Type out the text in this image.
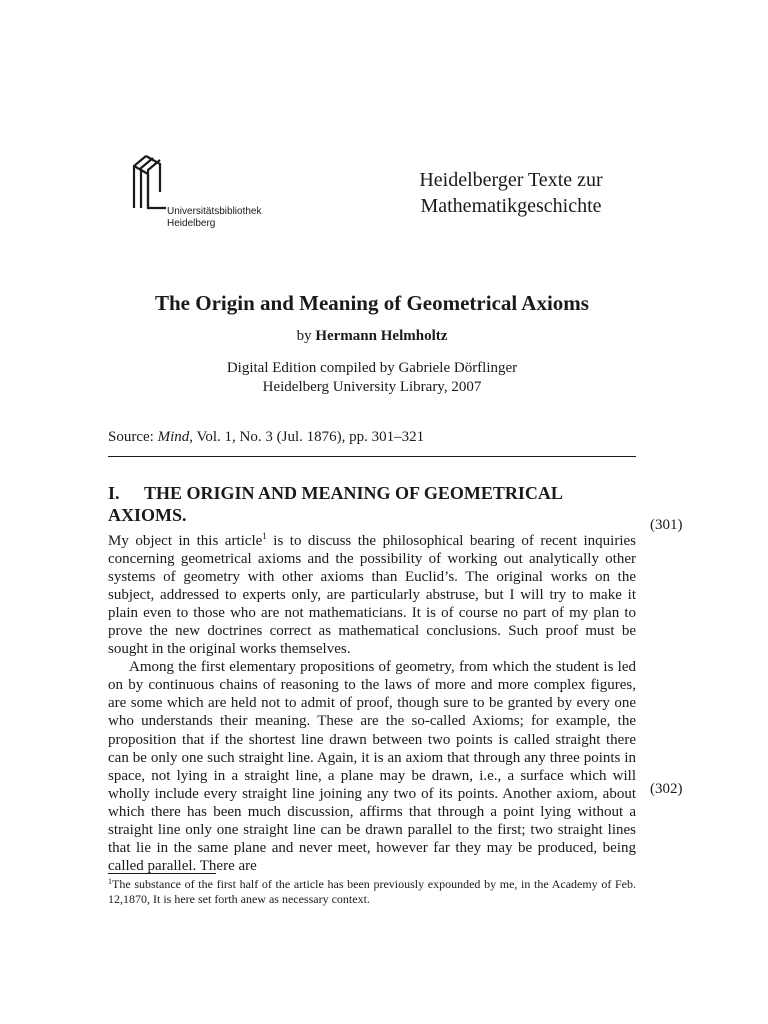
Universitätsbibliothek
Heidelberg
Heidelberger Texte zur
Mathematikgeschichte
The Origin and Meaning of Geometrical Axioms
by Hermann Helmholtz
Digital Edition compiled by Gabriele Dörflinger
Heidelberg University Library, 2007
Source: Mind, Vol. 1, No. 3 (Jul. 1876), pp. 301–321
I. THE ORIGIN AND MEANING OF GEOMETRICAL AXIOMS.	(301)
(302)

My object in this article$^1$ is to discuss the philosophical bearing of recent inquiries concerning geometrical axioms and the possibility of working out analytically other systems of geometry with other axioms than Euclid’s. The original works on the subject, addressed to experts only, are particularly abstruse, but I will try to make it plain even to those who are not mathematicians. It is of course no part of my plan to prove the new doctrines correct as mathematical conclusions. Such proof must be sought in the original works themselves.

Among the first elementary propositions of geometry, from which the student is led on by continuous chains of reasoning to the laws of more and more complex figures, are some which are held not to admit of proof, though sure to be granted by every one who understands their meaning. These are the so-called Axioms; for example, the proposition that if the shortest line drawn between two points is called straight there can be only one such straight line. Again, it is an axiom that through any three points in space, not lying in a straight line, a plane may be drawn, i.e., a surface which will wholly include every straight line joining any two of its points. Another axiom, about which there has been much discussion, affirms that through a point lying without a straight line only one straight line can be drawn parallel to the first; two straight lines that lie in the same plane and never meet, however far they may be produced, being called parallel. There are

$^1$The substance of the first half of the article has been previously expounded by me, in the Academy of Feb. 12,1870, It is here set forth anew as necessary context.
